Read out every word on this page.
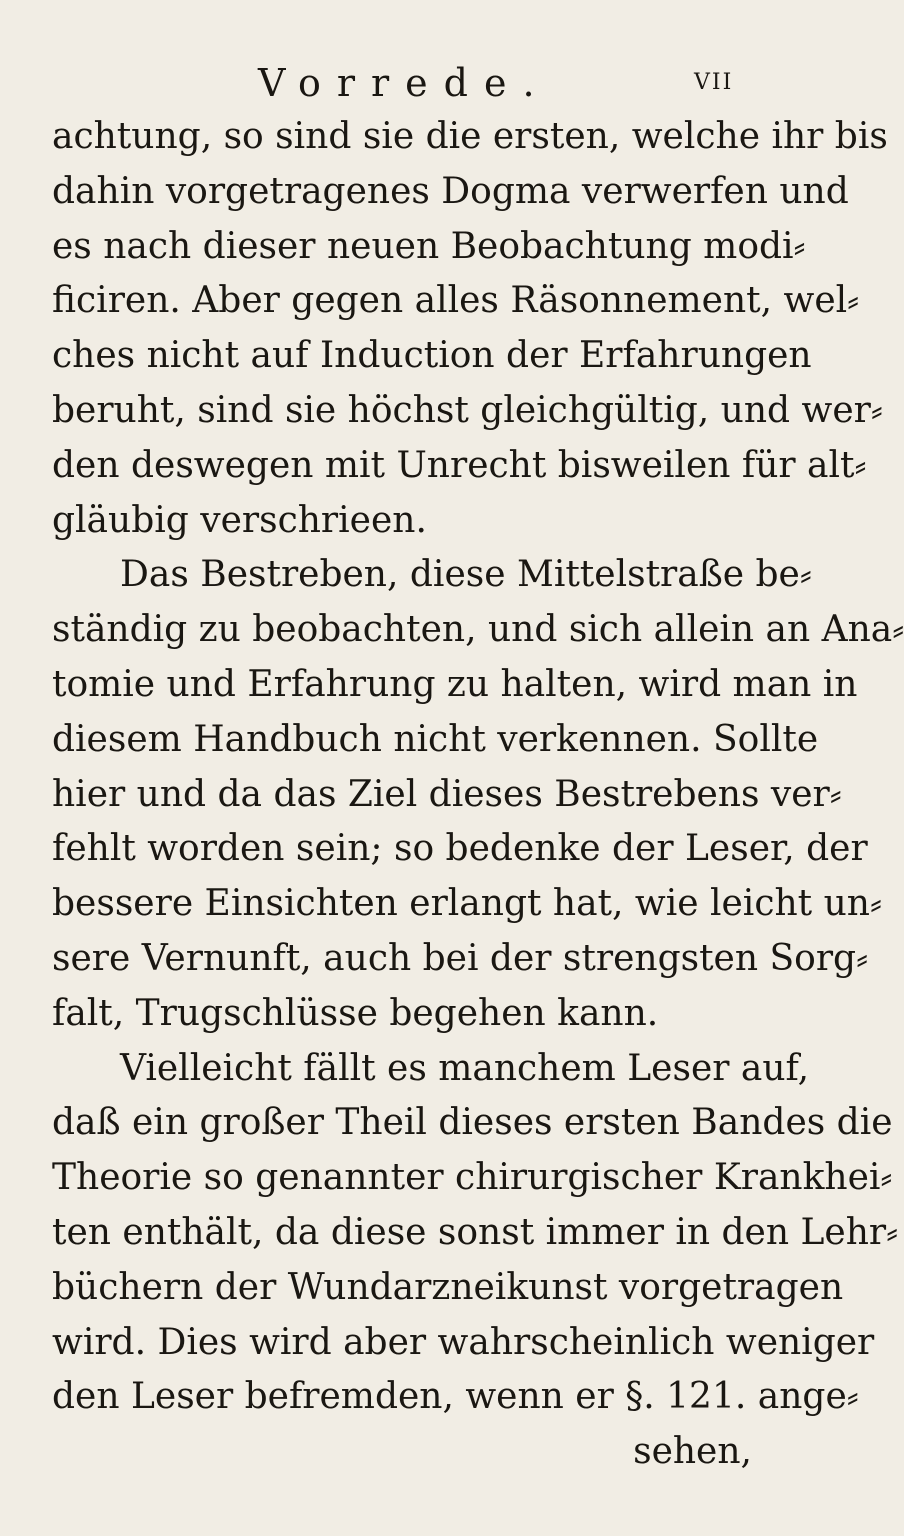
Vorrede.	VII
achtung, so sind sie die ersten, welche ihr bis
dahin vorgetragenes Dogma verwerfen und
es nach dieser neuen Beobachtung modi⸗
ficiren. Aber gegen alles Räsonnement, wel⸗
ches nicht auf Induction der Erfahrungen
beruht, sind sie höchst gleichgültig, und wer⸗
den deswegen mit Unrecht bisweilen für alt⸗
gläubig verschrieen.
Das Bestreben, diese Mittelstraße be⸗
ständig zu beobachten, und sich allein an Ana⸗
tomie und Erfahrung zu halten, wird man in
diesem Handbuch nicht verkennen. Sollte
hier und da das Ziel dieses Bestrebens ver⸗
fehlt worden sein; so bedenke der Leser, der
bessere Einsichten erlangt hat, wie leicht un⸗
sere Vernunft, auch bei der strengsten Sorg⸗
falt, Trugschlüsse begehen kann.
Vielleicht fällt es manchem Leser auf,
daß ein großer Theil dieses ersten Bandes die
Theorie so genannter chirurgischer Krankhei⸗
ten enthält, da diese sonst immer in den Lehr⸗
büchern der Wundarzneikunst vorgetragen
wird. Dies wird aber wahrscheinlich weniger
den Leser befremden, wenn er §. 121. ange⸗
sehen,
